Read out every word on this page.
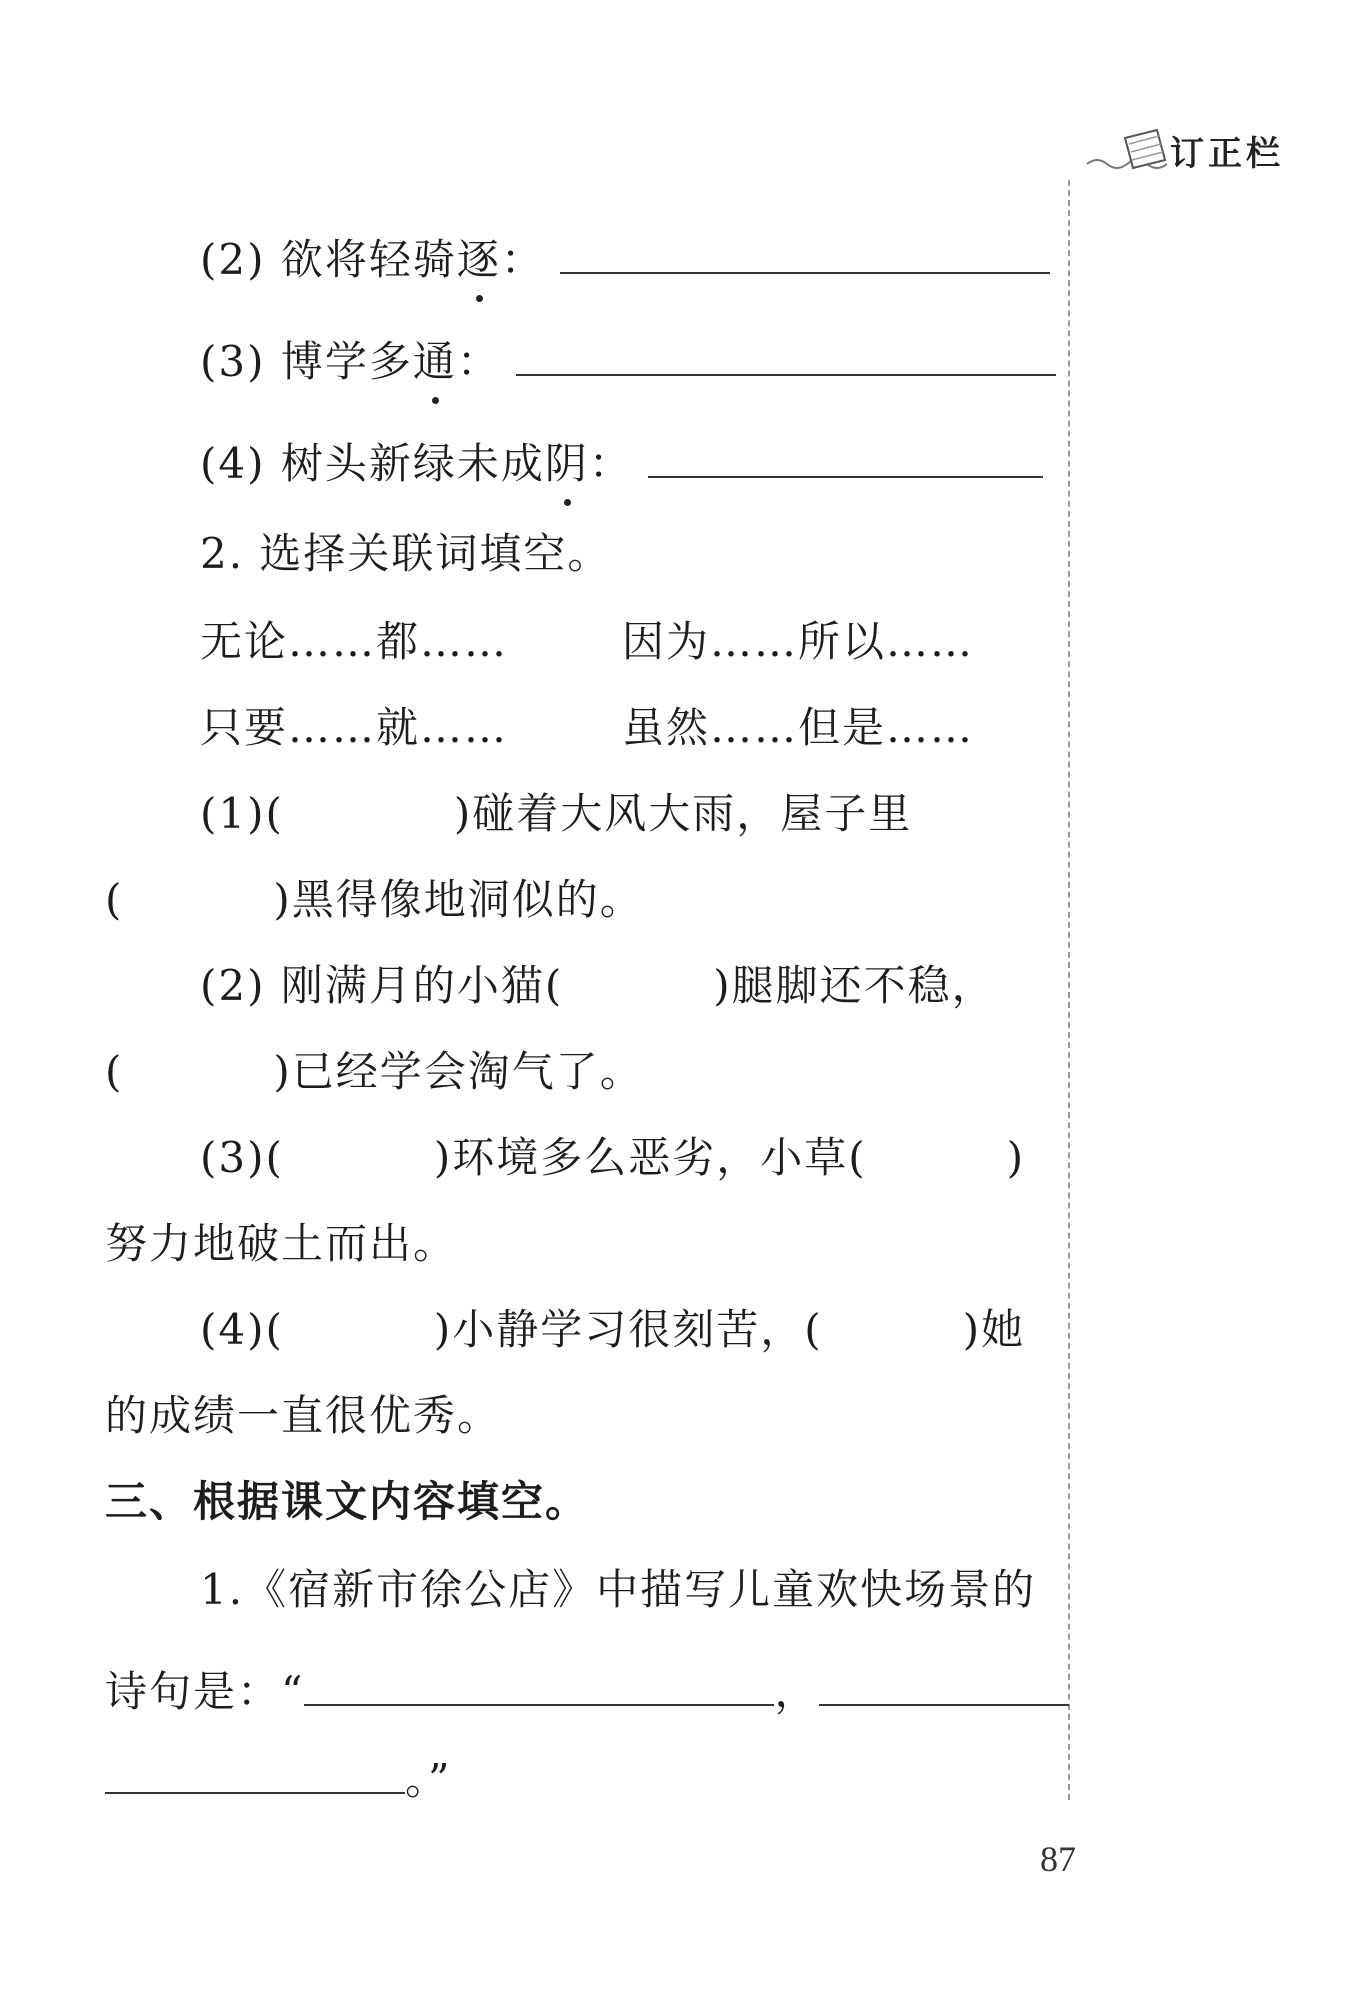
订正栏
(2) 欲将轻骑逐：
(3) 博学多通：
(4) 树头新绿未成阴：
2. 选择关联词填空。
无论……都……	因为……所以……
只要……就……	虽然……但是……
(1)(	)碰着大风大雨，屋子里
(	)黑得像地洞似的。
(2) 刚满月的小猫(	)腿脚还不稳，
(	)已经学会淘气了。
(3)(	)环境多么恶劣，小草(	)
努力地破土而出。
(4)(	)小静学习很刻苦，(	)她
的成绩一直很优秀。
三、根据课文内容填空。
1.《宿新市徐公店》中描写儿童欢快场景的
诗句是：“	，
。”
87
